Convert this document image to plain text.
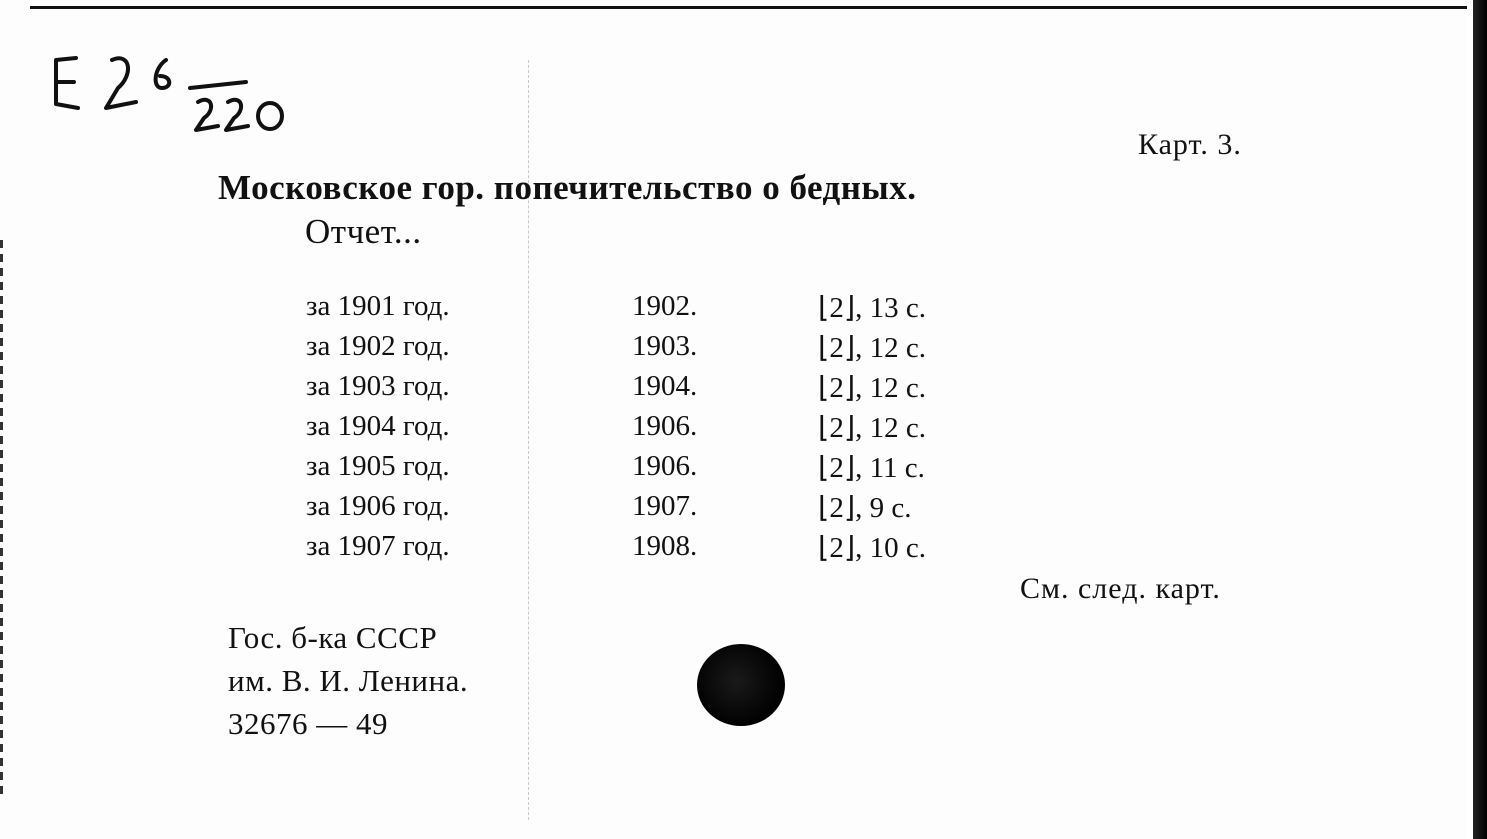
Карт. 3.
Московское гор. попечительство о бедных.
Отчет...
за 1901 год.	1902.	⌊2⌋, 13 с.
за 1902 год.	1903.	⌊2⌋, 12 с.
за 1903 год.	1904.	⌊2⌋, 12 с.
за 1904 год.	1906.	⌊2⌋, 12 с.
за 1905 год.	1906.	⌊2⌋, 11 с.
за 1906 год.	1907.	⌊2⌋, 9 с.
за 1907 год.	1908.	⌊2⌋, 10 с.
См. след. карт.
Гос. б-ка СССР
им. В. И. Ленина.
32676 — 49
